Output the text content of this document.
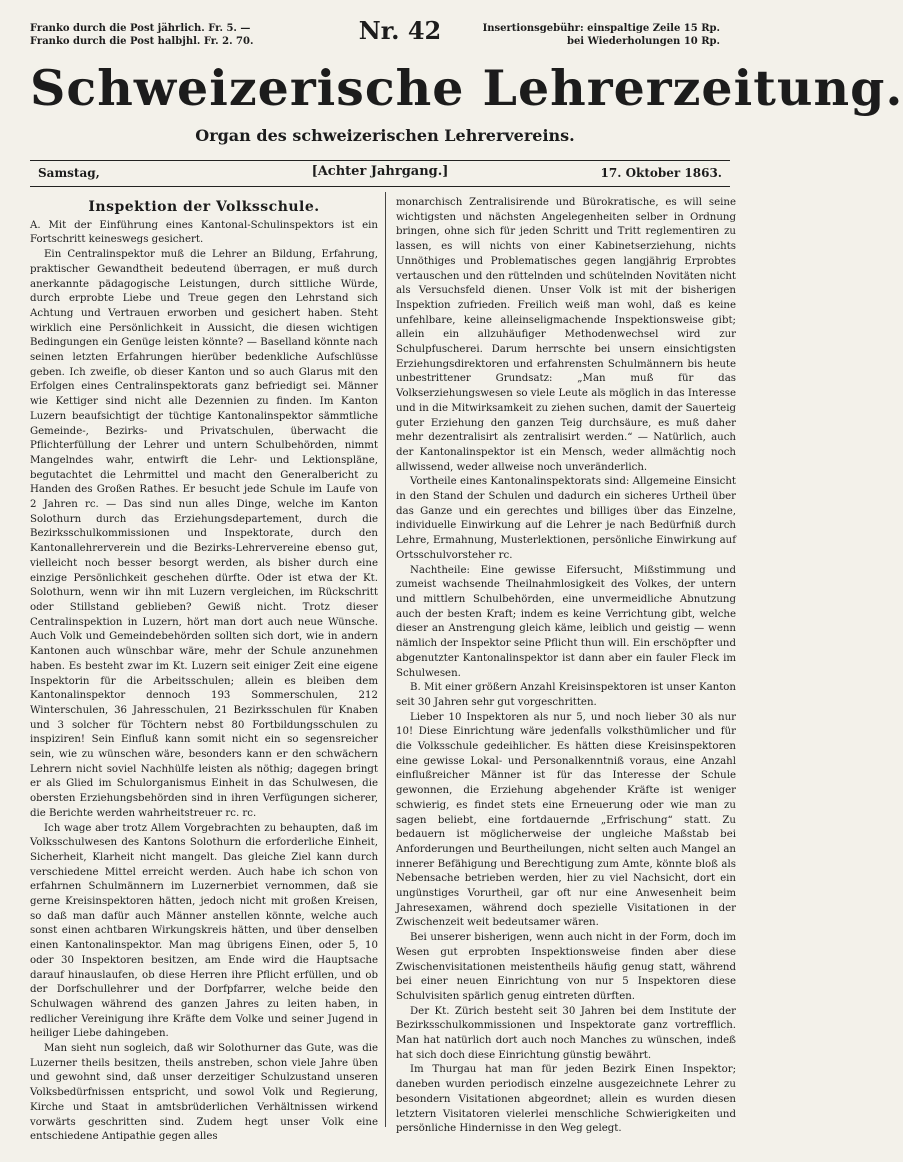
Franko durch die Post jährlich. Fr. 5. —
Franko durch die Post halbjhl. Fr. 2. 70.	Nr. 42	Insertionsgebühr: einspaltige Zeile 15 Rp.
bei Wiederholungen 10 Rp.
Schweizerische Lehrerzeitung.
Organ des schweizerischen Lehrervereins.
Samstag,	[Achter Jahrgang.]	17. Oktober 1863.
Inspektion der Volksschule.

A. Mit der Einführung eines Kantonal-Schulinspektors ist ein Fortschritt keineswegs gesichert.

Ein Centralinspektor muß die Lehrer an Bildung, Erfahrung, praktischer Gewandtheit bedeutend überragen, er muß durch anerkannte pädagogische Leistungen, durch sittliche Würde, durch erprobte Liebe und Treue gegen den Lehrstand sich Achtung und Vertrauen erworben und gesichert haben. Steht wirklich eine Persönlichkeit in Aussicht, die diesen wichtigen Bedingungen ein Genüge leisten könnte? — Baselland könnte nach seinen letzten Erfahrungen hierüber bedenkliche Aufschlüsse geben. Ich zweifle, ob dieser Kanton und so auch Glarus mit den Erfolgen eines Centralinspektorats ganz befriedigt sei. Männer wie Kettiger sind nicht alle Dezennien zu finden. Im Kanton Luzern beaufsichtigt der tüchtige Kantonalinspektor sämmtliche Gemeinde-, Bezirks- und Privatschulen, überwacht die Pflichterfüllung der Lehrer und untern Schulbehörden, nimmt Mangelndes wahr, entwirft die Lehr- und Lektionspläne, begutachtet die Lehrmittel und macht den Generalbericht zu Handen des Großen Rathes. Er besucht jede Schule im Laufe von 2 Jahren rc. — Das sind nun alles Dinge, welche im Kanton Solothurn durch das Erziehungsdepartement, durch die Bezirksschulkommissionen und Inspektorate, durch den Kantonallehrerverein und die Bezirks-Lehrervereine ebenso gut, vielleicht noch besser besorgt werden, als bisher durch eine einzige Persönlichkeit geschehen dürfte. Oder ist etwa der Kt. Solothurn, wenn wir ihn mit Luzern vergleichen, im Rückschritt oder Stillstand geblieben? Gewiß nicht. Trotz dieser Centralinspektion in Luzern, hört man dort auch neue Wünsche. Auch Volk und Gemeindebehörden sollten sich dort, wie in andern Kantonen auch wünschbar wäre, mehr der Schule anzunehmen haben. Es besteht zwar im Kt. Luzern seit einiger Zeit eine eigene Inspektorin für die Arbeitsschulen; allein es bleiben dem Kantonalinspektor dennoch 193 Sommerschulen, 212 Winterschulen, 36 Jahresschulen, 21 Bezirksschulen für Knaben und 3 solcher für Töchtern nebst 80 Fortbildungsschulen zu inspiziren! Sein Einfluß kann somit nicht ein so segensreicher sein, wie zu wünschen wäre, besonders kann er den schwächern Lehrern nicht soviel Nachhülfe leisten als nöthig; dagegen bringt er als Glied im Schulorganismus Einheit in das Schulwesen, die obersten Erziehungsbehörden sind in ihren Verfügungen sicherer, die Berichte werden wahrheitstreuer rc. rc.

Ich wage aber trotz Allem Vorgebrachten zu behaupten, daß im Volksschulwesen des Kantons Solothurn die erforderliche Einheit, Sicherheit, Klarheit nicht mangelt. Das gleiche Ziel kann durch verschiedene Mittel erreicht werden. Auch habe ich schon von erfahrnen Schulmännern im Luzernerbiet vernommen, daß sie gerne Kreisinspektoren hätten, jedoch nicht mit großen Kreisen, so daß man dafür auch Männer anstellen könnte, welche auch sonst einen achtbaren Wirkungskreis hätten, und über denselben einen Kantonalinspektor. Man mag übrigens Einen, oder 5, 10 oder 30 Inspektoren besitzen, am Ende wird die Hauptsache darauf hinauslaufen, ob diese Herren ihre Pflicht erfüllen, und ob der Dorfschullehrer und der Dorfpfarrer, welche beide den Schulwagen während des ganzen Jahres zu leiten haben, in redlicher Vereinigung ihre Kräfte dem Volke und seiner Jugend in heiliger Liebe dahingeben.

Man sieht nun sogleich, daß wir Solothurner das Gute, was die Luzerner theils besitzen, theils anstreben, schon viele Jahre üben und gewohnt sind, daß unser derzeitiger Schulzustand unseren Volksbedürfnissen entspricht, und sowol Volk und Regierung, Kirche und Staat in amtsbrüderlichen Verhältnissen wirkend vorwärts geschritten sind. Zudem hegt unser Volk eine entschiedene Antipathie gegen alles

monarchisch Zentralisirende und Bürokratische, es will seine wichtigsten und nächsten Angelegenheiten selber in Ordnung bringen, ohne sich für jeden Schritt und Tritt reglementiren zu lassen, es will nichts von einer Kabinetserziehung, nichts Unnöthiges und Problematisches gegen langjährig Erprobtes vertauschen und den rüttelnden und schütelnden Novitäten nicht als Versuchsfeld dienen. Unser Volk ist mit der bisherigen Inspektion zufrieden. Freilich weiß man wohl, daß es keine unfehlbare, keine alleinseligmachende Inspektionsweise gibt; allein ein allzuhäufiger Methodenwechsel wird zur Schulpfuscherei. Darum herrschte bei unsern einsichtigsten Erziehungsdirektoren und erfahrensten Schulmännern bis heute unbestrittener Grundsatz: „Man muß für das Volkserziehungswesen so viele Leute als möglich in das Interesse und in die Mitwirksamkeit zu ziehen suchen, damit der Sauerteig guter Erziehung den ganzen Teig durchsäure, es muß daher mehr dezentralisirt als zentralisirt werden.“ — Natürlich, auch der Kantonalinspektor ist ein Mensch, weder allmächtig noch allwissend, weder allweise noch unveränderlich.

Vortheile eines Kantonalinspektorats sind: Allgemeine Einsicht in den Stand der Schulen und dadurch ein sicheres Urtheil über das Ganze und ein gerechtes und billiges über das Einzelne, individuelle Einwirkung auf die Lehrer je nach Bedürfniß durch Lehre, Ermahnung, Musterlektionen, persönliche Einwirkung auf Ortsschulvorsteher rc.

Nachtheile: Eine gewisse Eifersucht, Mißstimmung und zumeist wachsende Theilnahmlosigkeit des Volkes, der untern und mittlern Schulbehörden, eine unvermeidliche Abnutzung auch der besten Kraft; indem es keine Verrichtung gibt, welche dieser an Anstrengung gleich käme, leiblich und geistig — wenn nämlich der Inspektor seine Pflicht thun will. Ein erschöpfter und abgenutzter Kantonalinspektor ist dann aber ein fauler Fleck im Schulwesen.

B. Mit einer größern Anzahl Kreisinspektoren ist unser Kanton seit 30 Jahren sehr gut vorgeschritten.

Lieber 10 Inspektoren als nur 5, und noch lieber 30 als nur 10! Diese Einrichtung wäre jedenfalls volksthümlicher und für die Volksschule gedeihlicher. Es hätten diese Kreisinspektoren eine gewisse Lokal- und Personalkenntniß voraus, eine Anzahl einflußreicher Männer ist für das Interesse der Schule gewonnen, die Erziehung abgehender Kräfte ist weniger schwierig, es findet stets eine Erneuerung oder wie man zu sagen beliebt, eine fortdauernde „Erfrischung“ statt. Zu bedauern ist möglicherweise der ungleiche Maßstab bei Anforderungen und Beurtheilungen, nicht selten auch Mangel an innerer Befähigung und Berechtigung zum Amte, könnte bloß als Nebensache betrieben werden, hier zu viel Nachsicht, dort ein ungünstiges Vorurtheil, gar oft nur eine Anwesenheit beim Jahresexamen, während doch spezielle Visitationen in der Zwischenzeit weit bedeutsamer wären.

Bei unserer bisherigen, wenn auch nicht in der Form, doch im Wesen gut erprobten Inspektionsweise finden aber diese Zwischenvisitationen meistentheils häufig genug statt, während bei einer neuen Einrichtung von nur 5 Inspektoren diese Schulvisiten spärlich genug eintreten dürften.

Der Kt. Zürich besteht seit 30 Jahren bei dem Institute der Bezirksschulkommissionen und Inspektorate ganz vortrefflich. Man hat natürlich dort auch noch Manches zu wünschen, indeß hat sich doch diese Einrichtung günstig bewährt.

Im Thurgau hat man für jeden Bezirk Einen Inspektor; daneben wurden periodisch einzelne ausgezeichnete Lehrer zu besondern Visitationen abgeordnet; allein es wurden diesen letztern Visitatoren vielerlei menschliche Schwierigkeiten und persönliche Hindernisse in den Weg gelegt.
